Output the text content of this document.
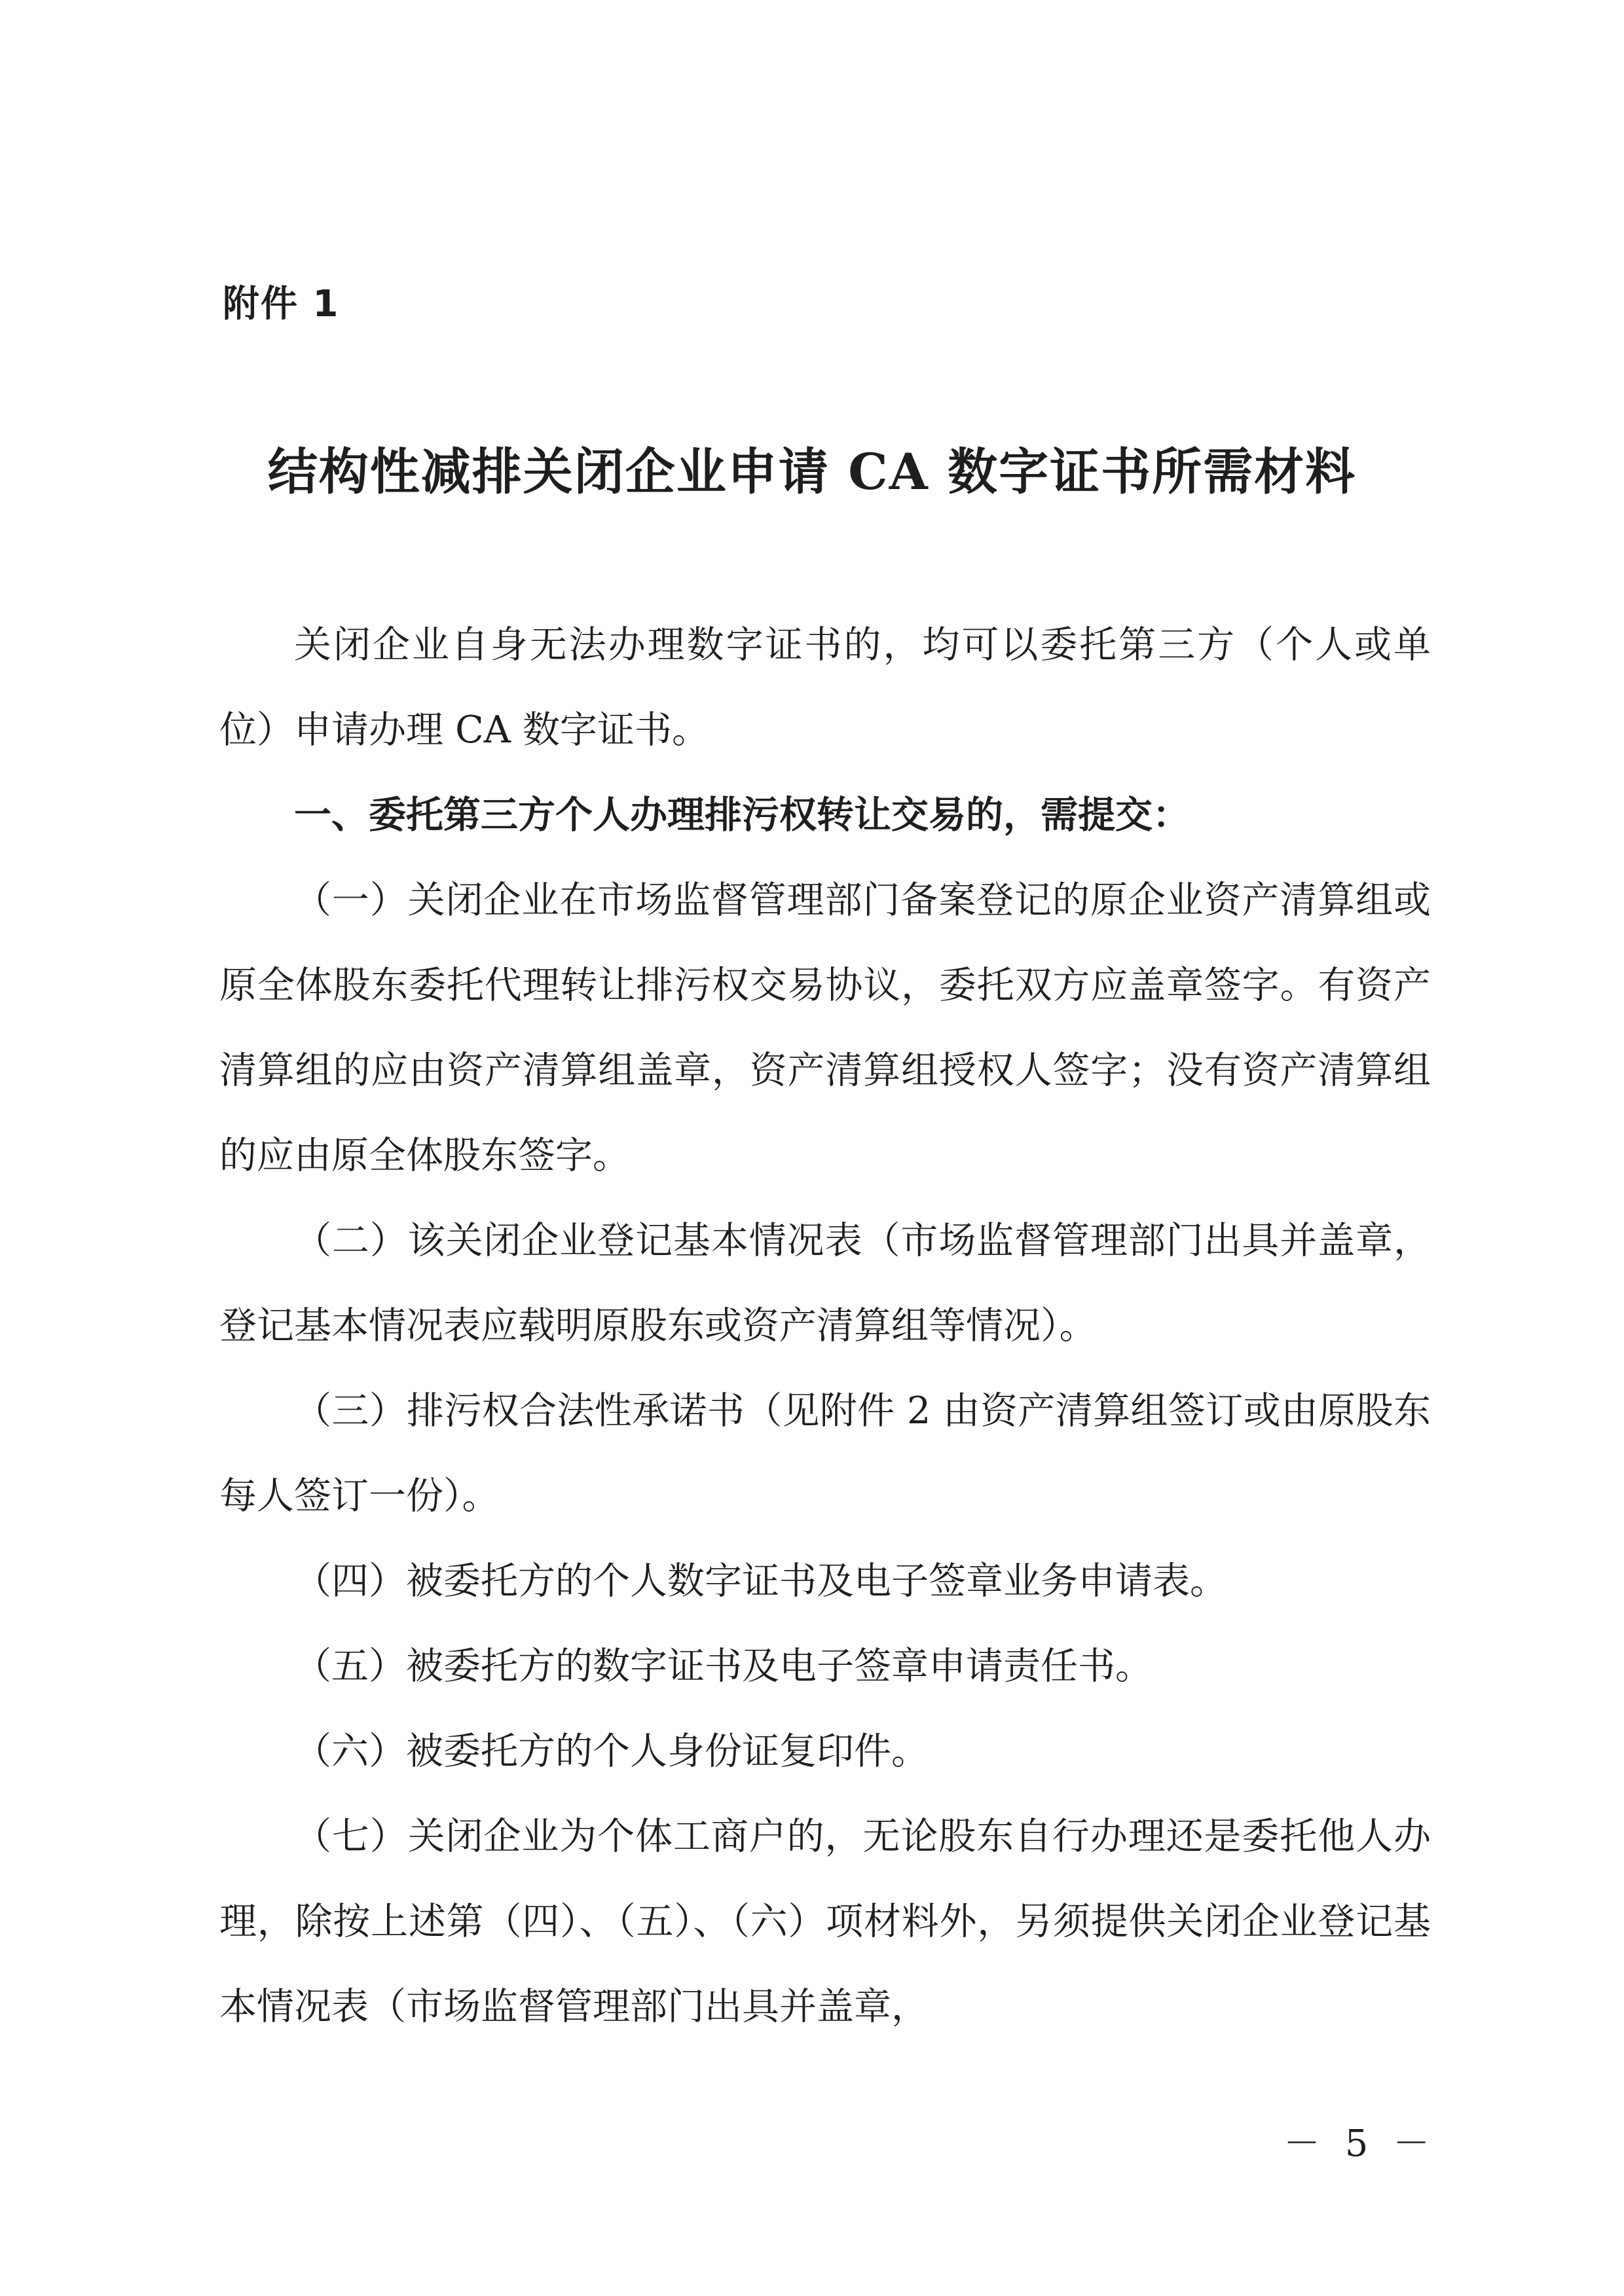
附件 1
结构性减排关闭企业申请 CA 数字证书所需材料

关闭企业自身无法办理数字证书的，均可以委托第三方（个人或单位）申请办理 CA 数字证书。

一、委托第三方个人办理排污权转让交易的，需提交：

（一）关闭企业在市场监督管理部门备案登记的原企业资产清算组或原全体股东委托代理转让排污权交易协议，委托双方应盖章签字。有资产清算组的应由资产清算组盖章，资产清算组授权人签字；没有资产清算组的应由原全体股东签字。

（二）该关闭企业登记基本情况表（市场监督管理部门出具并盖章，登记基本情况表应载明原股东或资产清算组等情况）。

（三）排污权合法性承诺书（见附件 2 由资产清算组签订或由原股东每人签订一份）。

（四）被委托方的个人数字证书及电子签章业务申请表。

（五）被委托方的数字证书及电子签章申请责任书。

（六）被委托方的个人身份证复印件。

（七）关闭企业为个体工商户的，无论股东自行办理还是委托他人办理，除按上述第（四）、（五）、（六）项材料外，另须提供关闭企业登记基本情况表（市场监督管理部门出具并盖章，

－ 5 －
